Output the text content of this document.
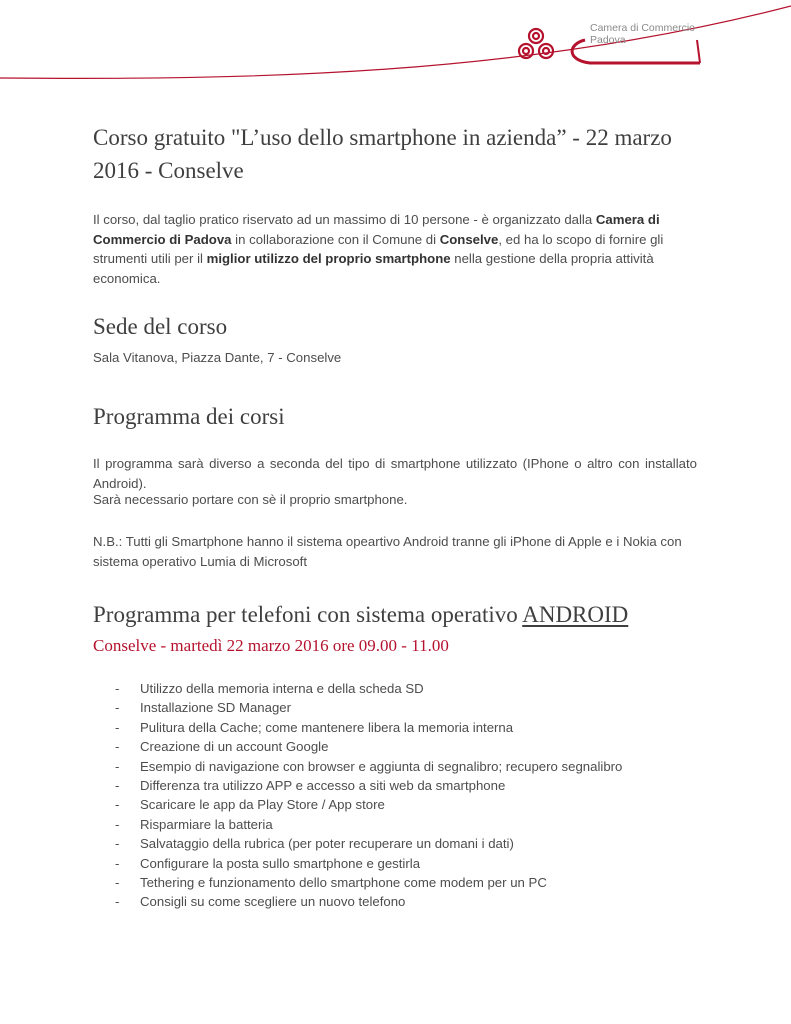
Camera di Commercio
Padova
Corso gratuito "L’uso dello smartphone in azienda” - 22 marzo 2016 - Conselve
Il corso, dal taglio pratico riservato ad un massimo di 10 persone - è organizzato dalla Camera di Commercio di Padova in collaborazione con il Comune di Conselve, ed ha lo scopo di fornire gli strumenti utili per il miglior utilizzo del proprio smartphone nella gestione della propria attività economica.
Sede del corso
Sala Vitanova, Piazza Dante, 7 - Conselve
Programma dei corsi
Il programma sarà diverso a seconda del tipo di smartphone utilizzato (IPhone o altro con installato Android).
Sarà necessario portare con sè il proprio smartphone.
N.B.: Tutti gli Smartphone hanno il sistema opeartivo Android tranne gli iPhone di Apple e i Nokia con sistema operativo Lumia di Microsoft
Programma per telefoni con sistema operativo ANDROID
Conselve - martedì 22 marzo 2016 ore 09.00 - 11.00
- Utilizzo della memoria interna e della scheda SD
- Installazione SD Manager
- Pulitura della Cache; come mantenere libera la memoria interna
- Creazione di un account Google
- Esempio di navigazione con browser e aggiunta di segnalibro; recupero segnalibro
- Differenza tra utilizzo APP e accesso a siti web da smartphone
- Scaricare le app da Play Store / App store
- Risparmiare la batteria
- Salvataggio della rubrica (per poter recuperare un domani i dati)
- Configurare la posta sullo smartphone e gestirla
- Tethering e funzionamento dello smartphone come modem per un PC
- Consigli su come scegliere un nuovo telefono
